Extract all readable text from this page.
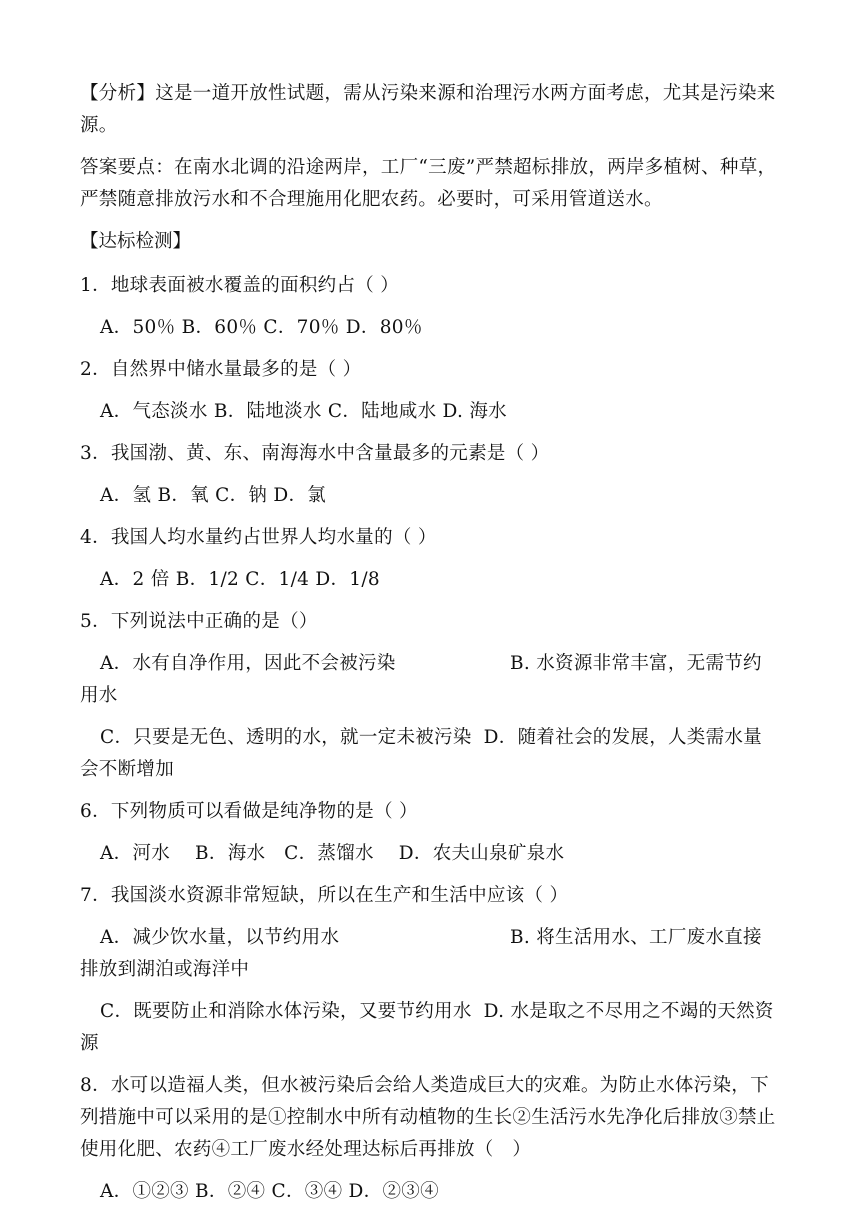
【分析】这是一道开放性试题，需从污染来源和治理污水两方面考虑，尤其是污染来源。

答案要点：在南水北调的沿途两岸，工厂“三废”严禁超标排放，两岸多植树、种草，严禁随意排放污水和不合理施用化肥农药。必要时，可采用管道送水。

【达标检测】

1．地球表面被水覆盖的面积约占（ ）

A．50％ B．60％ C．70％ D．80％

2．自然界中储水量最多的是（ ）

A．气态淡水 B．陆地淡水 C．陆地咸水 D. 海水

3．我国渤、黄、东、南海海水中含量最多的元素是（ ）

A．氢 B．氧 C．钠 D．氯

4．我国人均水量约占世界人均水量的（ ）

A．2 倍 B．1/2 C．1/4 D．1/8

5．下列说法中正确的是（）

A．水有自净作用，因此不会被污染	B. 水资源非常丰富，无需节约用水

C．只要是无色、透明的水，就一定未被污染 D．随着社会的发展，人类需水量会不断增加

6．下列物质可以看做是纯净物的是（ ）

A．河水　 B．海水　C．蒸馏水　 D．农夫山泉矿泉水

7．我国淡水资源非常短缺，所以在生产和生活中应该（ ）

A．减少饮水量，以节约用水	B. 将生活用水、工厂废水直接排放到湖泊或海洋中

C．既要防止和消除水体污染，又要节约用水 D. 水是取之不尽用之不竭的天然资源

8．水可以造福人类，但水被污染后会给人类造成巨大的灾难。为防止水体污染，下列措施中可以采用的是①控制水中所有动植物的生长②生活污水先净化后排放③禁止使用化肥、农药④工厂废水经处理达标后再排放（　）

A．①②③ B．②④ C．③④ D．②③④
